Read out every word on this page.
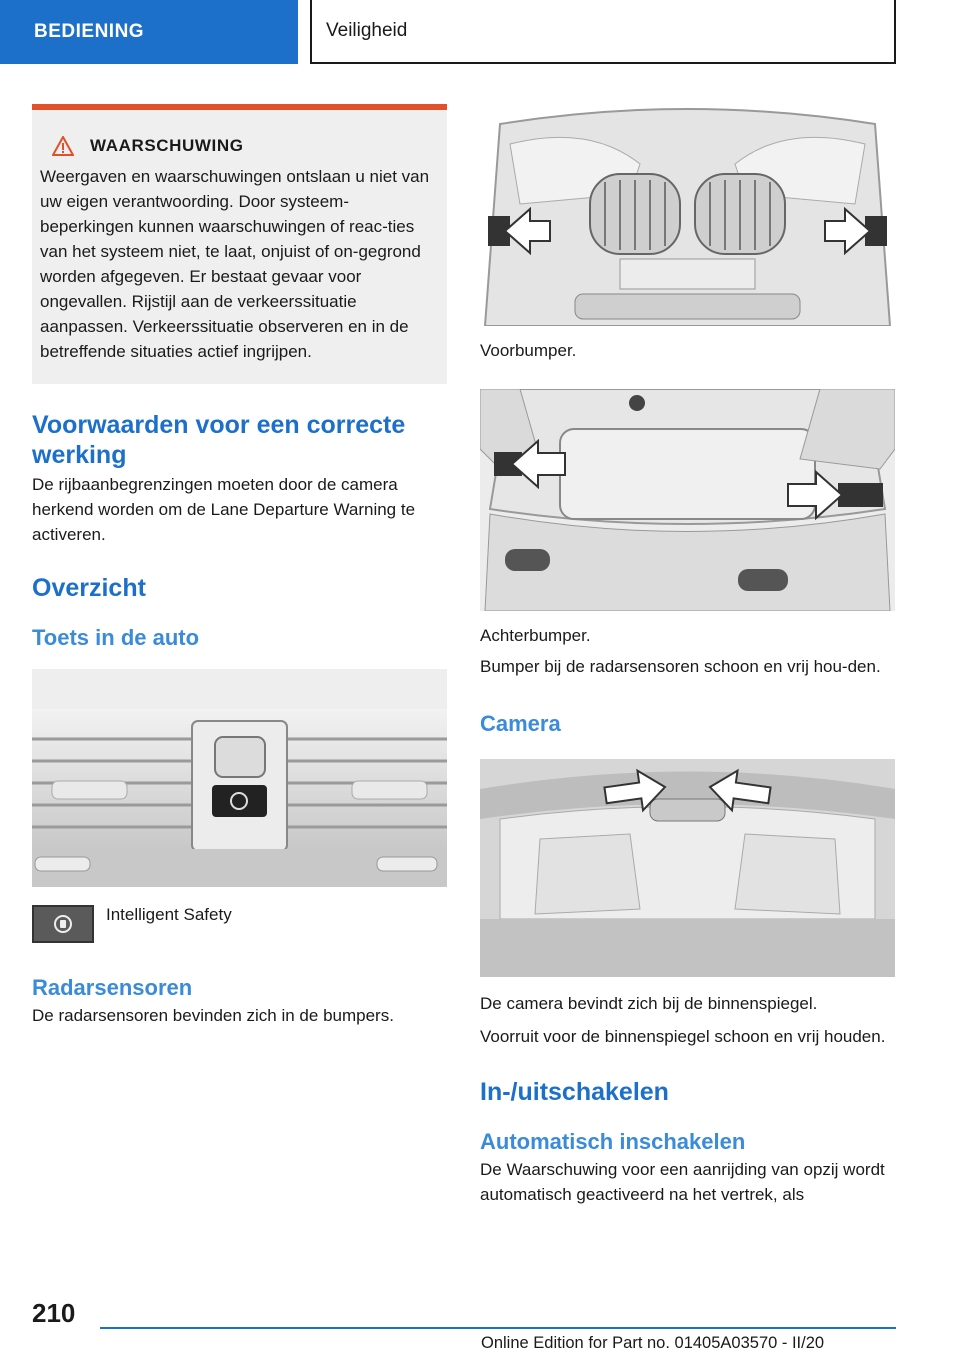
BEDIENING	Veiligheid
WAARSCHUWING
Weergaven en waarschuwingen ontslaan u niet van uw eigen verantwoording. Door systeem-beperkingen kunnen waarschuwingen of reac-ties van het systeem niet, te laat, onjuist of on-gegrond worden afgegeven. Er bestaat gevaar voor ongevallen. Rijstijl aan de verkeerssituatie aanpassen. Verkeerssituatie observeren en in de betreffende situaties actief ingrijpen.
Voorwaarden voor een correcte werking

De rijbaanbegrenzingen moeten door de camera herkend worden om de Lane Departure Warning te activeren.

Overzicht
Toets in de auto
Intelligent Safety
Radarsensoren

De radarsensoren bevinden zich in de bumpers.

Voorbumper.

Achterbumper.

Bumper bij de radarsensoren schoon en vrij hou-den.

Camera

De camera bevindt zich bij de binnenspiegel.

Voorruit voor de binnenspiegel schoon en vrij houden.

In-/uitschakelen
Automatisch inschakelen

De Waarschuwing voor een aanrijding van opzij wordt automatisch geactiveerd na het vertrek, als

210
Online Edition for Part no. 01405A03570 - II/20
